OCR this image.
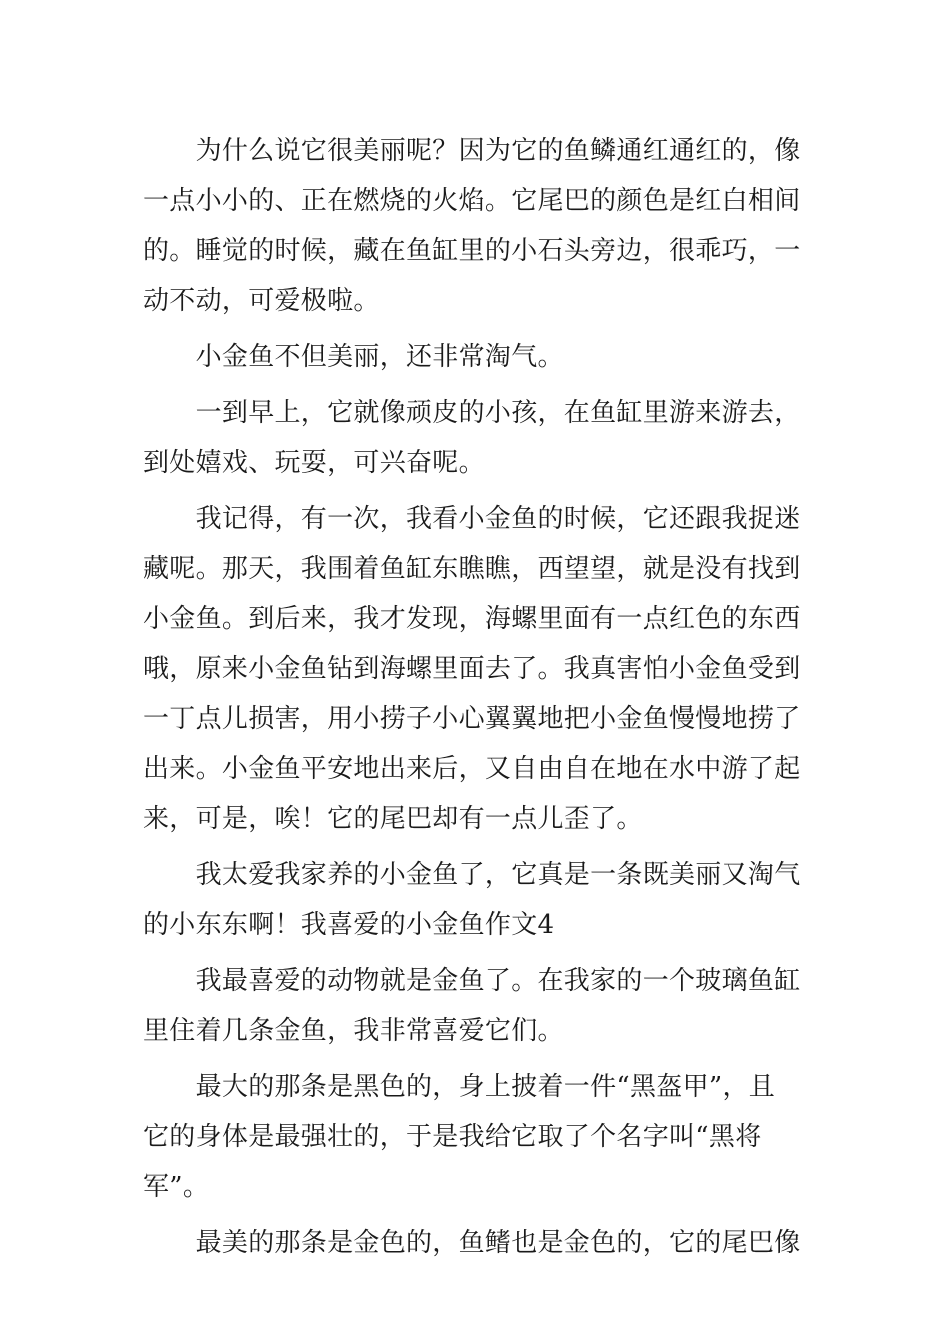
　　为什么说它很美丽呢？因为它的鱼鳞通红通红的，像
一点小小的、正在燃烧的火焰。它尾巴的颜色是红白相间
的。睡觉的时候，藏在鱼缸里的小石头旁边，很乖巧，一
动不动，可爱极啦。
　　小金鱼不但美丽，还非常淘气。
　　一到早上，它就像顽皮的小孩，在鱼缸里游来游去，
到处嬉戏、玩耍，可兴奋呢。
　　我记得，有一次，我看小金鱼的时候，它还跟我捉迷
藏呢。那天，我围着鱼缸东瞧瞧，西望望，就是没有找到
小金鱼。到后来，我才发现，海螺里面有一点红色的东西
哦，原来小金鱼钻到海螺里面去了。我真害怕小金鱼受到
一丁点儿损害，用小捞子小心翼翼地把小金鱼慢慢地捞了
出来。小金鱼平安地出来后，又自由自在地在水中游了起
来，可是，唉！它的尾巴却有一点儿歪了。
　　我太爱我家养的小金鱼了，它真是一条既美丽又淘气
的小东东啊！我喜爱的小金鱼作文4
　　我最喜爱的动物就是金鱼了。在我家的一个玻璃鱼缸
里住着几条金鱼，我非常喜爱它们。
　　最大的那条是黑色的，身上披着一件“黑盔甲”，且
它的身体是最强壮的，于是我给它取了个名字叫“黑将
军”。
　　最美的那条是金色的，鱼鳍也是金色的，它的尾巴像
